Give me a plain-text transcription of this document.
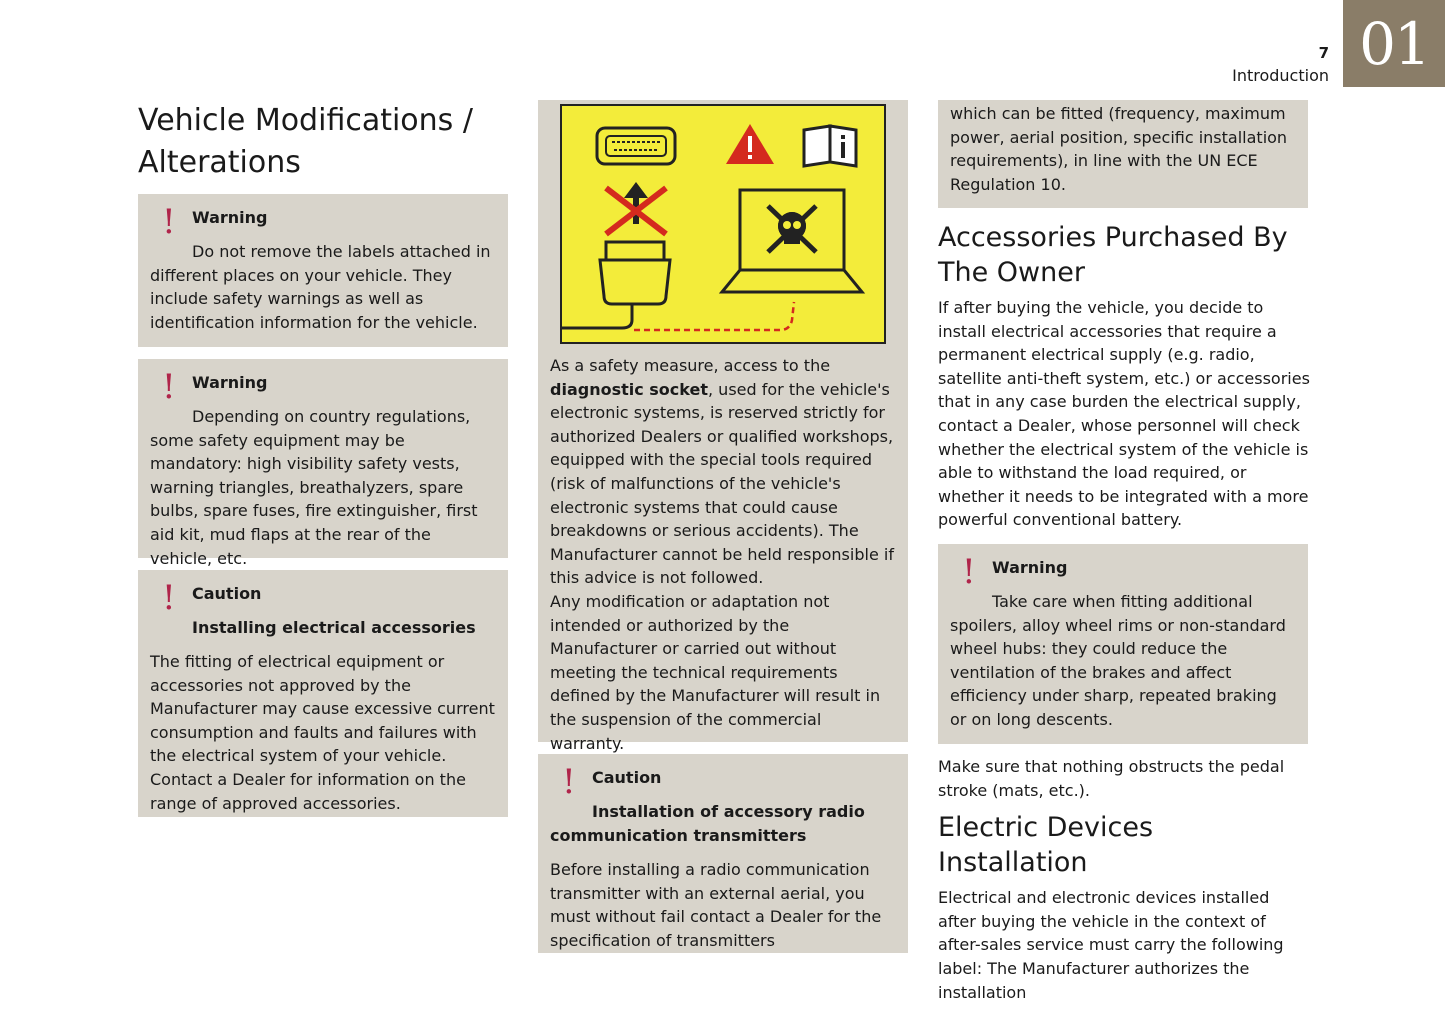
7
Introduction 01
Vehicle Modifications / Alterations
! Warning

Do not remove the labels attached in different places on your vehicle. They include safety warnings as well as identification information for the vehicle.

! Warning

Depending on country regulations, some safety equipment may be mandatory: high visibility safety vests, warning triangles, breathalyzers, spare bulbs, spare fuses, fire extinguisher, first aid kit, mud flaps at the rear of the vehicle, etc.

! Caution
Installing electrical accessories

The fitting of electrical equipment or accessories not approved by the Manufacturer may cause excessive current consumption and faults and failures with the electrical system of your vehicle. Contact a Dealer for information on the range of approved accessories.

As a safety measure, access to the diagnostic socket, used for the vehicle's electronic systems, is reserved strictly for authorized Dealers or qualified workshops, equipped with the special tools required (risk of malfunctions of the vehicle's electronic systems that could cause breakdowns or serious accidents). The Manufacturer cannot be held responsible if this advice is not followed.

Any modification or adaptation not intended or authorized by the Manufacturer or carried out without meeting the technical requirements defined by the Manufacturer will result in the suspension of the commercial warranty.

! Caution
Installation of accessory radio communication transmitters

Before installing a radio communication transmitter with an external aerial, you must without fail contact a Dealer for the specification of transmitters

which can be fitted (frequency, maximum power, aerial position, specific installation requirements), in line with the UN ECE Regulation 10.

Accessories Purchased By The Owner

If after buying the vehicle, you decide to install electrical accessories that require a permanent electrical supply (e.g. radio, satellite anti-theft system, etc.) or accessories that in any case burden the electrical supply, contact a Dealer, whose personnel will check whether the electrical system of the vehicle is able to withstand the load required, or whether it needs to be integrated with a more powerful conventional battery.

! Warning

Take care when fitting additional spoilers, alloy wheel rims or non-standard wheel hubs: they could reduce the ventilation of the brakes and affect efficiency under sharp, repeated braking or on long descents.

Make sure that nothing obstructs the pedal stroke (mats, etc.).

Electric Devices Installation

Electrical and electronic devices installed after buying the vehicle in the context of after-sales service must carry the following label: The Manufacturer authorizes the installation
